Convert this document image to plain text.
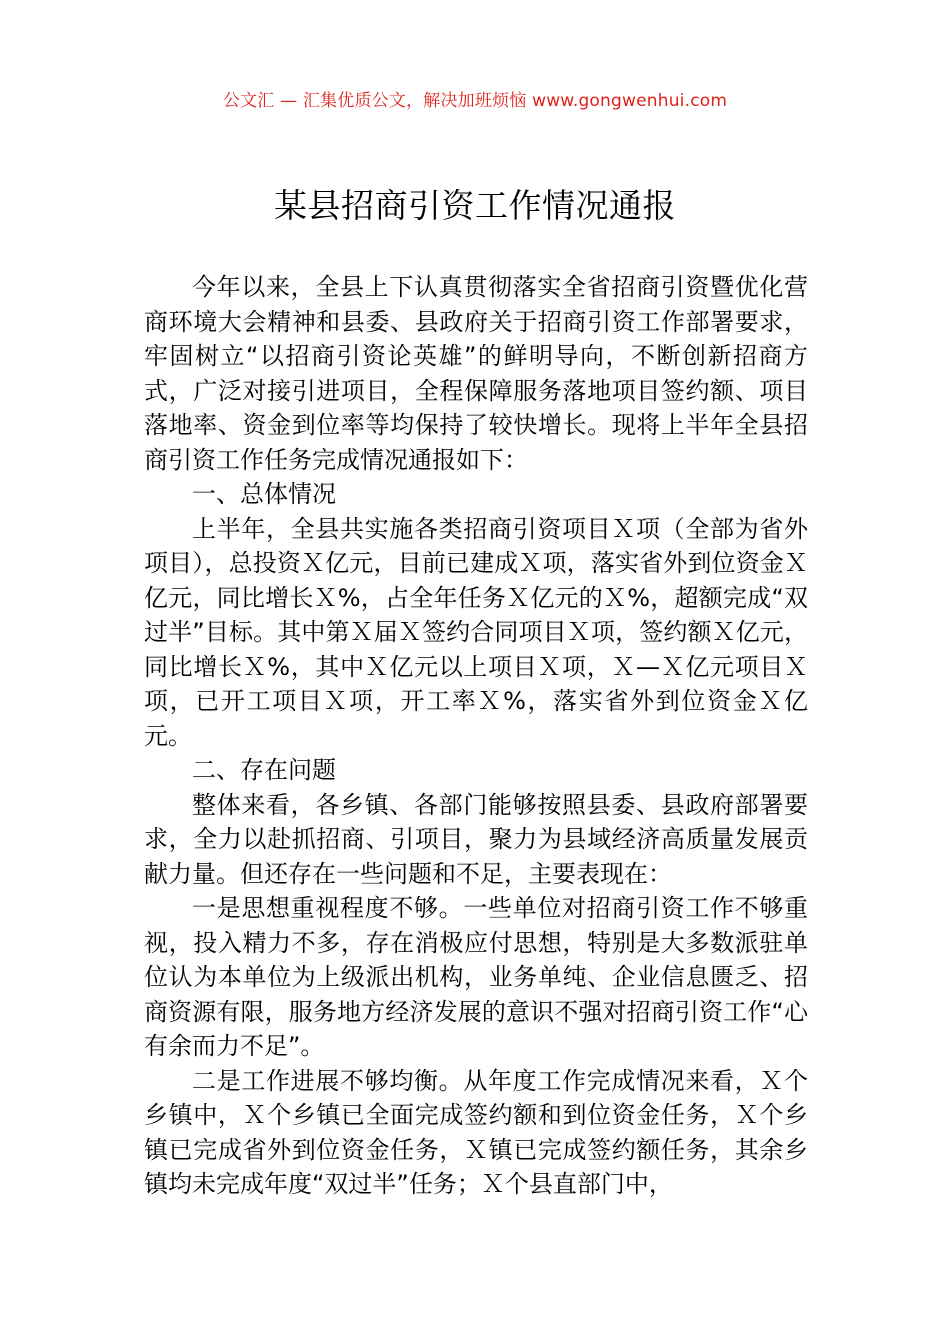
公文汇 — 汇集优质公文，解决加班烦恼 www.gongwenhui.com
某县招商引资工作情况通报

今年以来，全县上下认真贯彻落实全省招商引资暨优化营商环境大会精神和县委、县政府关于招商引资工作部署要求，牢固树立“以招商引资论英雄”的鲜明导向，不断创新招商方式，广泛对接引进项目，全程保障服务落地项目签约额、项目落地率、资金到位率等均保持了较快增长。现将上半年全县招商引资工作任务完成情况通报如下：

一、总体情况

上半年，全县共实施各类招商引资项目Ｘ项（全部为省外项目），总投资Ｘ亿元，目前已建成Ｘ项，落实省外到位资金Ｘ亿元，同比增长Ｘ%，占全年任务Ｘ亿元的Ｘ%，超额完成“双过半”目标。其中第Ｘ届Ｘ签约合同项目Ｘ项，签约额Ｘ亿元，同比增长Ｘ%，其中Ｘ亿元以上项目Ｘ项，Ｘ—Ｘ亿元项目Ｘ项，已开工项目Ｘ项，开工率Ｘ%，落实省外到位资金Ｘ亿元。

二、存在问题

整体来看，各乡镇、各部门能够按照县委、县政府部署要求，全力以赴抓招商、引项目，聚力为县域经济高质量发展贡献力量。但还存在一些问题和不足，主要表现在：

一是思想重视程度不够。一些单位对招商引资工作不够重视，投入精力不多，存在消极应付思想，特别是大多数派驻单位认为本单位为上级派出机构，业务单纯、企业信息匮乏、招商资源有限，服务地方经济发展的意识不强对招商引资工作“心有余而力不足”。

二是工作进展不够均衡。从年度工作完成情况来看，Ｘ个乡镇中，Ｘ个乡镇已全面完成签约额和到位资金任务，Ｘ个乡镇已完成省外到位资金任务，Ｘ镇已完成签约额任务，其余乡镇均未完成年度“双过半”任务；Ｘ个县直部门中，
